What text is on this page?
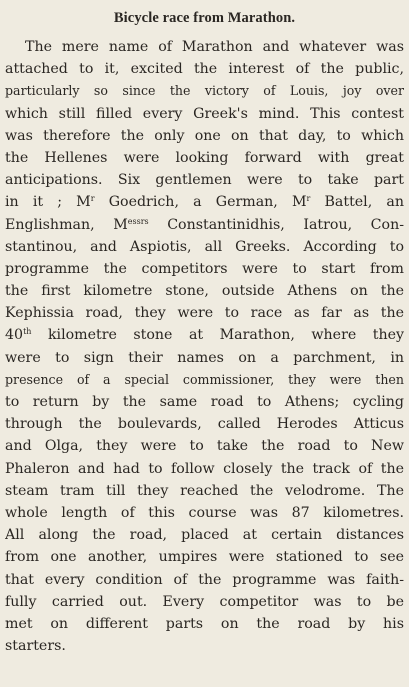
Bicycle race from Marathon.
The mere name of Marathon and whatever was
attached to it, excited the interest of the public,
particularly so since the victory of Louis, joy over
which still filled every Greek's mind. This contest
was therefore the only one on that day, to which
the Hellenes were looking forward with great
anticipations. Six gentlemen were to take part
in it ; $M^r$ Goedrich, a German, $M^r$ Battel, an
Englishman, $M^{essrs}$ Constantinidhis, Iatrou, Con-
stantinou, and Aspiotis, all Greeks. According to
programme the competitors were to start from
the first kilometre stone, outside Athens on the
Kephissia road, they were to race as far as the
40th kilometre stone at Marathon, where they
were to sign their names on a parchment, in
presence of a special commissioner, they were then
to return by the same road to Athens; cycling
through the boulevards, called Herodes Atticus
and Olga, they were to take the road to New
Phaleron and had to follow closely the track of the
steam tram till they reached the velodrome. The
whole length of this course was 87 kilometres.
All along the road, placed at certain distances
from one another, umpires were stationed to see
that every condition of the programme was faith-
fully carried out. Every competitor was to be
met on different parts on the road by his
starters.
